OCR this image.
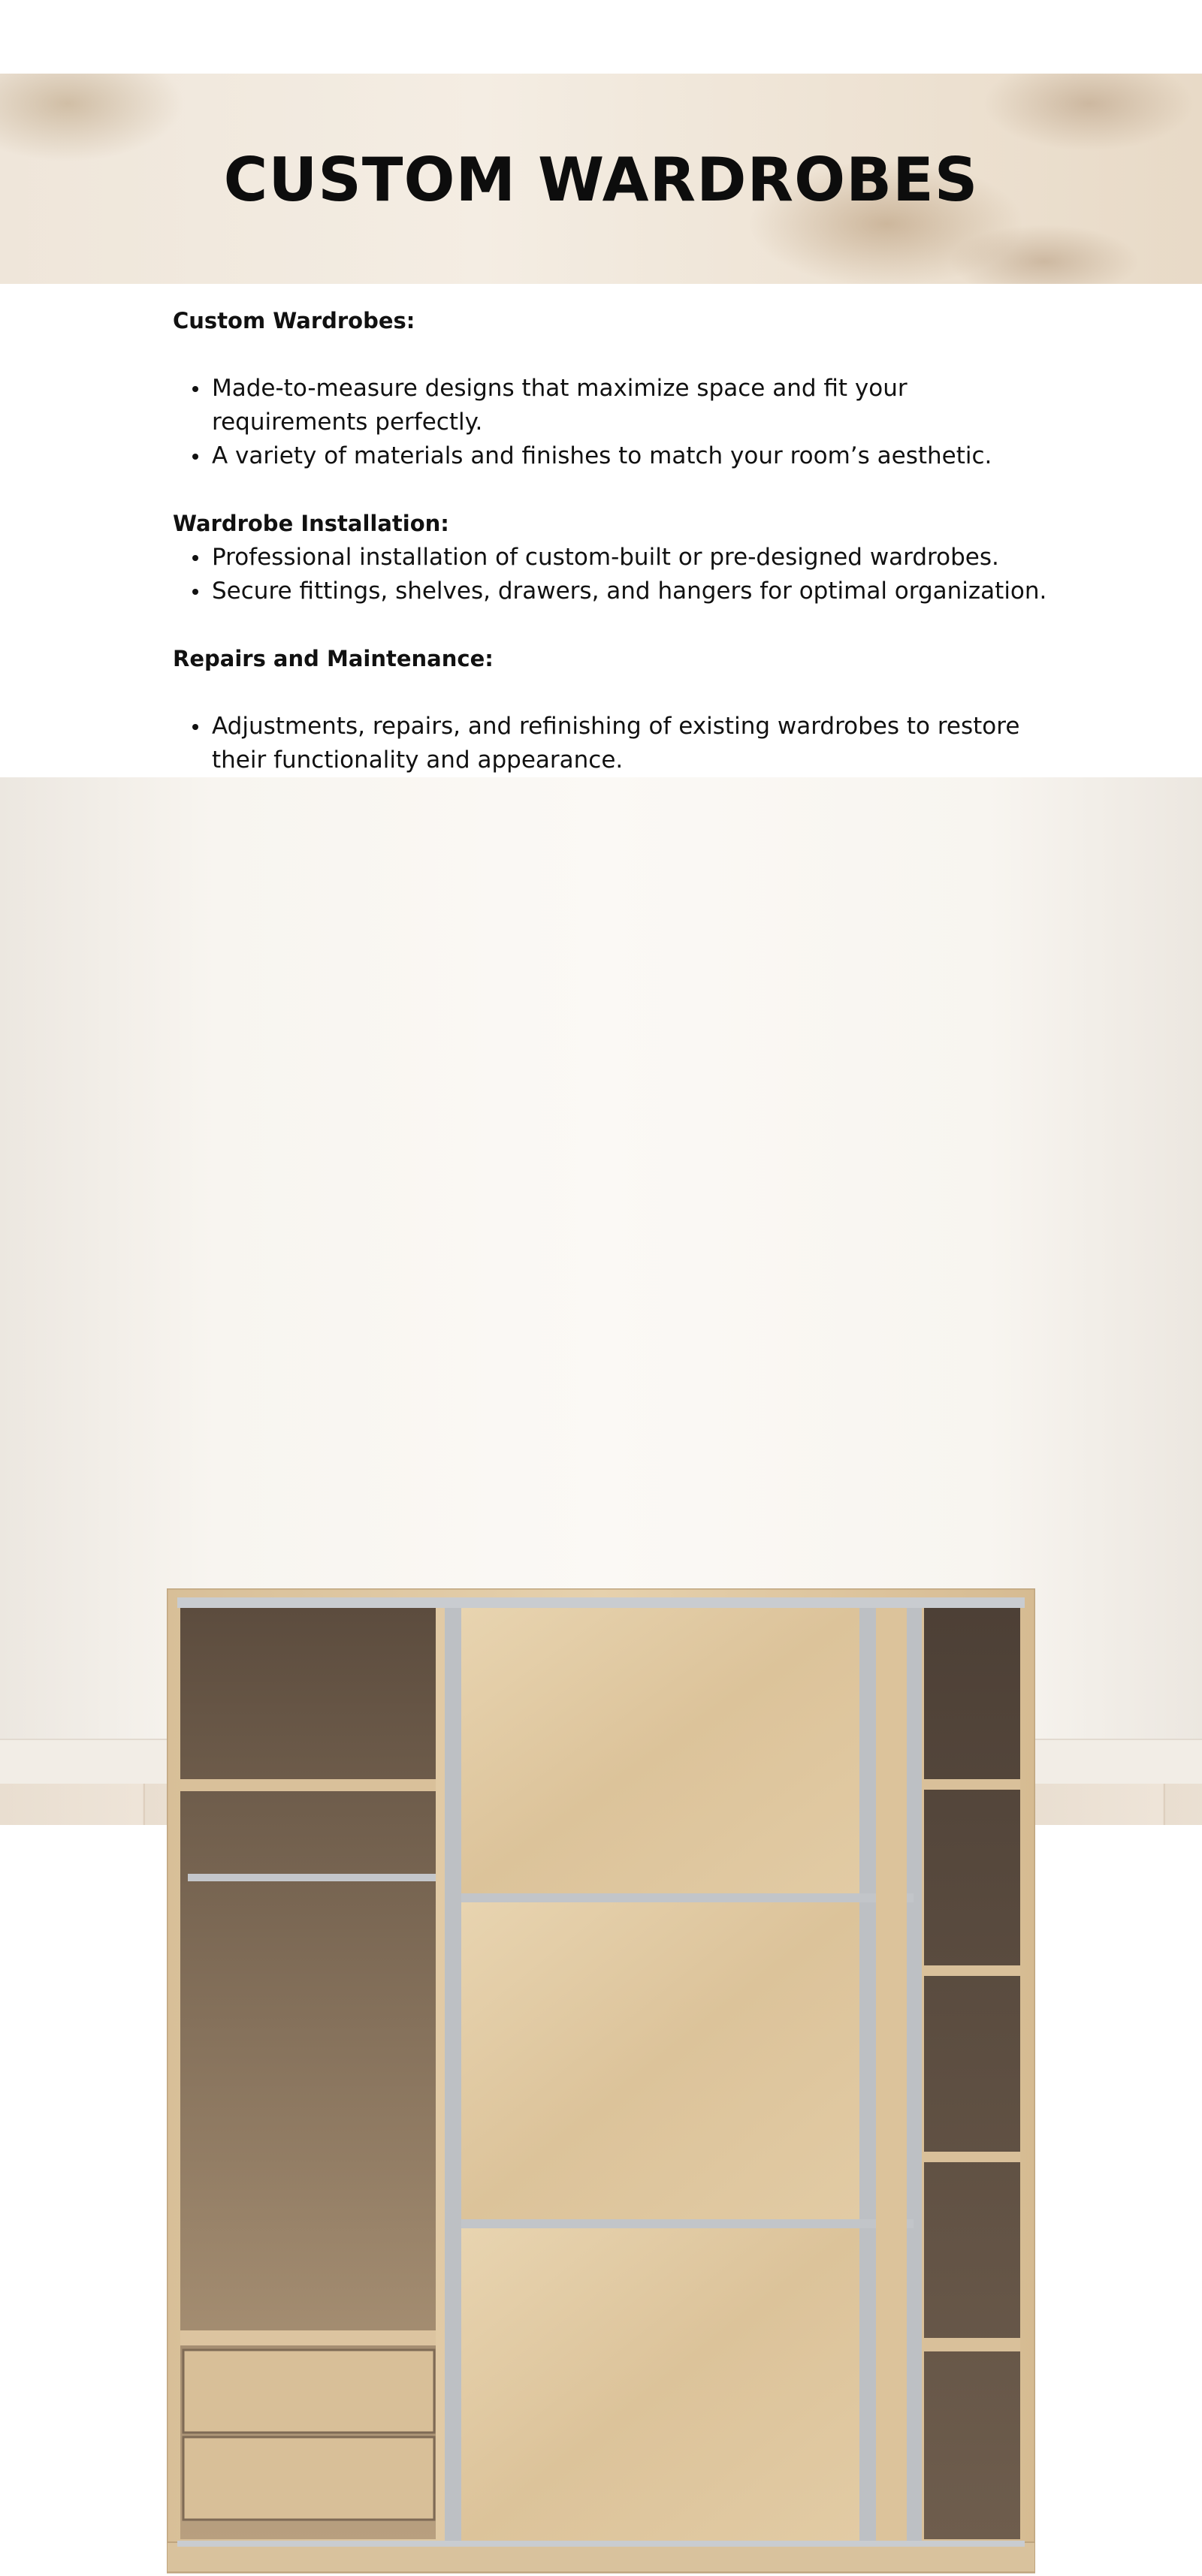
CUSTOM WARDROBES
Custom Wardrobes:
Made-to-measure designs that maximize space and fit your requirements perfectly.
A variety of materials and finishes to match your room’s aesthetic.
Wardrobe Installation:
Professional installation of custom-built or pre-designed wardrobes.
Secure fittings, shelves, drawers, and hangers for optimal organization.
Repairs and Maintenance:
Adjustments, repairs, and refinishing of existing wardrobes to restore their functionality and appearance.
